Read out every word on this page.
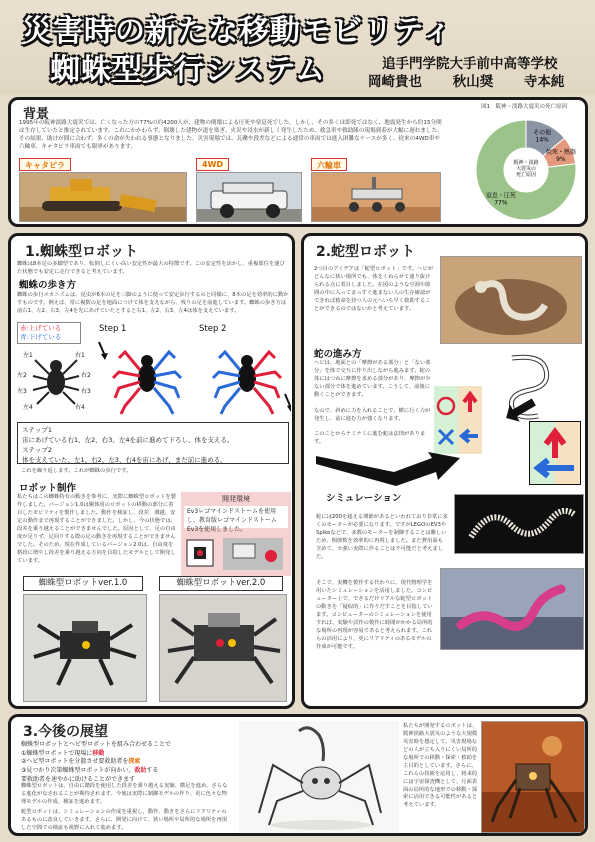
災害時の新たな移動モビリティ
蜘蛛型歩行システム	追手門学院大手前中高等学校
岡崎貴也 秋山奨 寺本純
背景
1995年の阪神淡路大震災では、亡くなった方の77%の約4200人が、建物の倒壊による圧死や窒息死でした。しかし、その多くは即死ではなく、地震発生から約15分間は生存していたと推定されています。これにかかわらず、倒壊した建物が道を塞ぎ、火災や浸水が新しく発生したため、救急車や救助隊の現場到着が大幅に遅れました。その結果、助けが間に合わず、多くの命が失われる事態となりました。災害現場では、瓦礫や段差などによる通常の車両では進入困難なケースが多く、従来の4WD車や六輪車、キャタピラ車両でも限界があります。
キャタピラ	4WD	六輪車
図1　阪神・淡路大震災の死亡原因
その他
14%
焼死・熱傷
9%
窒息・圧死
77%
阪神・淡路大震災の死亡原因
1.蜘蛛型ロボット
蜘蛛は8本足の多脚型であり、転倒しにくい高い安定性が最大の特徴です。この安定性を活かし、重複部位を運びた状態でも安定に走行できると考えています。
蜘蛛の歩き方
蜘蛛の歩行メカニズムは、昆虫が6本の足を三脚のように使って安定歩行するのと同様に、8本の足を効率的に動かすものです。例えば、常に複数の足を地面につけて体を支えながら、残りの足を前進しています。蜘蛛の歩き方は前右1、左2、右3、左4を先にあげていたとすると右1、左2、右3、左4は体を支えています。
赤:上げている
青:下げている
左1
左2
左3
左4
右1
右2
右3
右4
Step 1	Step 2
ステップ1
宙にあげている右1、左2、右3、左4を前に進めて下ろし、体を支える。
ステップ2
体を支えていた、左1、右2、左3、右4を宙にあげ、まだ前に進める。
これを繰り返します。これが蜘蛛の歩行です。
ロボット制作
私たちはこの蜘蛛特有の動きを参考に、実際に蜘蛛型ロボットを製作しました。バージョン1.0は胴体用のロボットの移動の部分に着目したモビリティを製作しました。動作を検証し、段差、溝越、安定の動作まで再現することができました。しかし、今の状態では、段差を乗り越えることができませんでした。原因として、足の自由度が足りず、足回りする際の足の動きを再現することができませんでした。そのため、現在作成しているバージョン2.0は、自由度を格段に増やし段差を乗り越える方向を目指したモデルとして開発しています。
開発環境
Ev3レゴマインドストームを使用し、教育版レゴマインドストーム Ev3を使用しました。
蜘蛛型ロボットver.1.0	蜘蛛型ロボットver.2.0
2.蛇型ロボット
2つ目のアイデアは「蛇型ロボット」です。ヘビがどんなに狭い場所でも、体をくねらせて通り抜けられる点に着目しました。在図のような空洞や隙間の中に入ってまっすぐ進まない人の生存確認ができれば救命を待つ人の元へいち早く救助することができるのではないかと考えています。
蛇の進み方
へビは、地面との「摩擦がある部分」と「ない部分」を体で交互に作り出しながら進みます。蛇の体にはつねに摩擦を求める部分があり、摩擦が少ない部分で体を進めています。こうして、前後に動くことができます。

なので、斜めに力を入れることで、横に行く力が発生し、前に進む力が強くなります。

このことからナミナミに進む蛇は法則があります。
シミュレーション
蛇には200を超える関節があるといわれており非常に多くのモーターが必要になります。ですがLEGOのEV3やSpikeなどで、多数のモーターを制御することは難しいため、関節数を効率的に再現しました。また費用面も含めて、カ強い実際に作ることは不可能だと考えました。
そこで、実機を製作する代わりに、現代物理学を用いたシミュレーションを活用しました。コンピューター上で、できるだけリアルな蛇型ロボットの動きを「疑似的」に作りだすことを目指しています。コンピューターのシミュレーションを使用すれば、実験や試作の製作に時間がかかる局所的な場所の再現が容易であると考えられます。これらの活用により、更にリアリティのあるモデルの作成が可能です。
3.今後の展望
蜘蛛型ロボットとヘビ型ロボットを組み合わせることで
①蜘蛛型ロボットで現場に移動
②ヘビ型ロボットを分散させ要救助者を探索
③見つかり次第蜘蛛型ロボットが向かい、救助する
要救助者を速やかに助けることができます
蜘蛛型ロボットは、自由に階段を使用した段差を乗り越える実験、横足を進め、さらなる進化がなされることが期待されます。今後は実際に制御モデルの作り、更に色々な物理モデルの作成、検証を進めます。
蛇型ロボットは、シミュレーションの作成を重視し、動作、動きをさらにリアリティのあるものに改良していきます。さらに、開発に向けて、狭い場所や局所的な場所を再現した空間での検証も視野に入れて進めます。
私たちが開発するロボットは、阪神淡路大震災のような大規模災害時を想定して、災害現場などの人が立ち入りにくい局所的な場所での移動・探索・救助を主目的としています。さらに、これらの技術を応用し、将来的には宇宙探査機として、月面表面の局所的な地形での移動・探索に活用できる可能性があると考えています。
